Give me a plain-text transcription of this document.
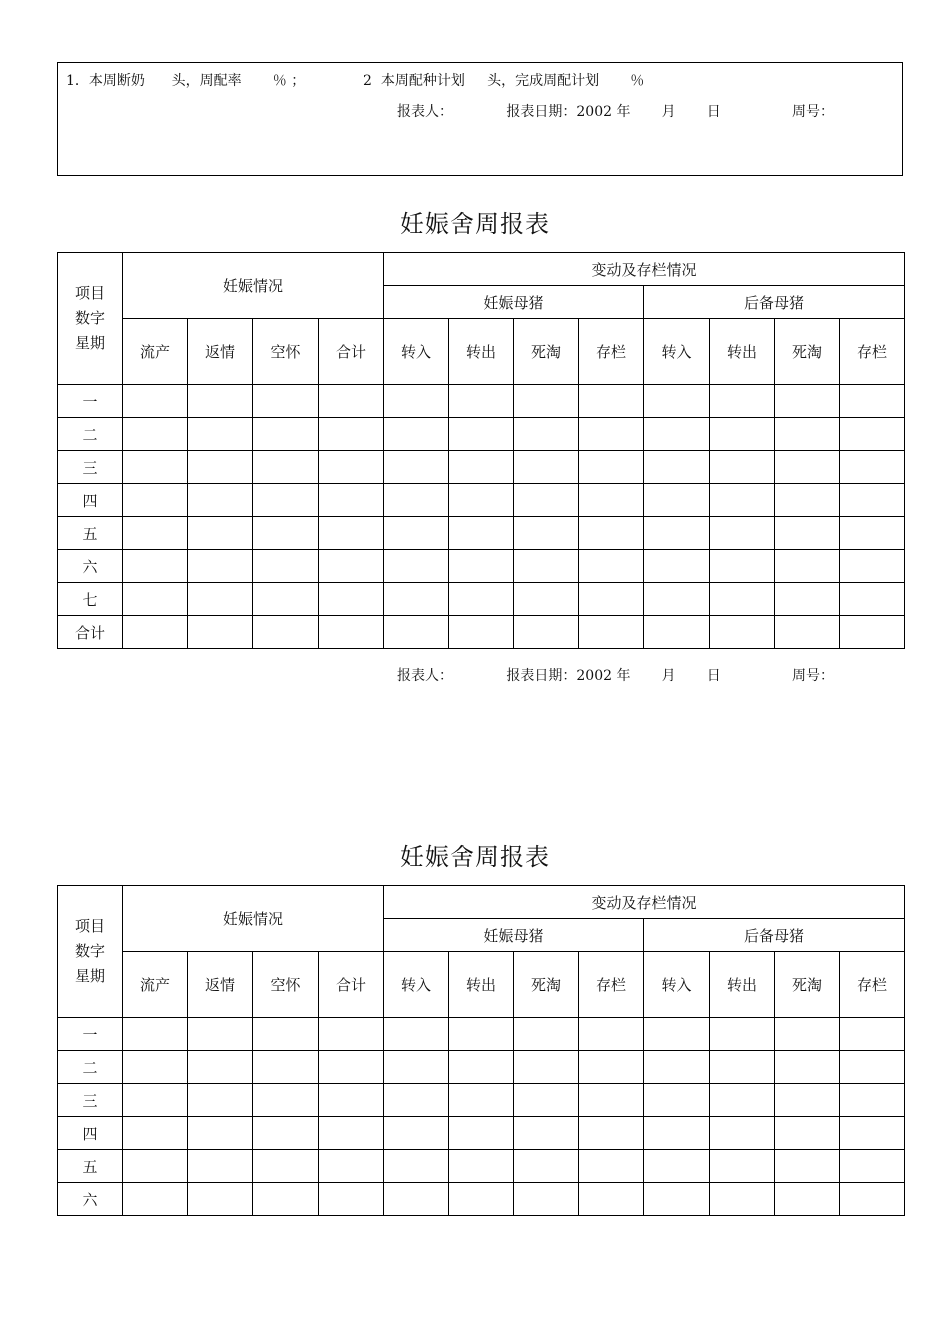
1．本周断奶      头，周配率       ％ ；             2  本周配种计划     头，完成周配计划       ％
报表人：            报表日期：2002 年       月       日                周号：
妊娠舍周报表
项目
数字
星期	妊娠情况				变动及存栏情况							
					妊娠母猪				后备母猪			
	流产	返情	空怀	合计	转入	转出	死淘	存栏	转入	转出	死淘	存栏
一												
二												
三												
四												
五												
六												
七												
合计												
报表人：            报表日期：2002 年       月       日                周号：
妊娠舍周报表
项目
数字
星期	妊娠情况				变动及存栏情况							
					妊娠母猪				后备母猪			
	流产	返情	空怀	合计	转入	转出	死淘	存栏	转入	转出	死淘	存栏
一												
二												
三												
四												
五												
六												
